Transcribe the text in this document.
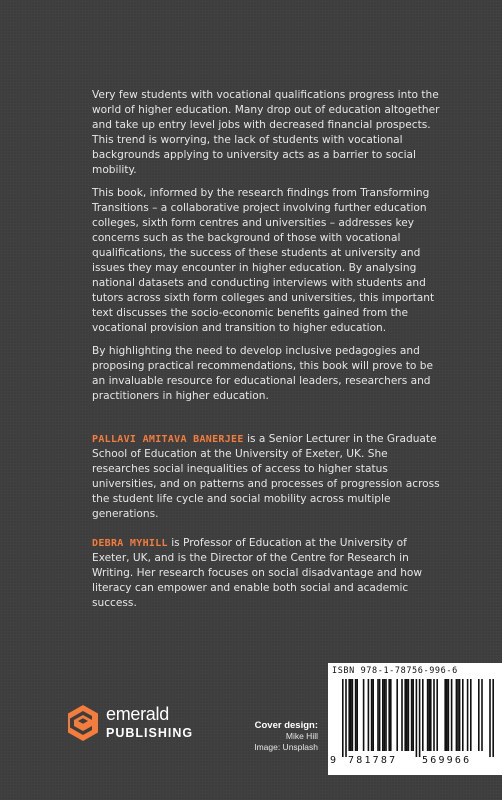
Very few students with vocational qualifications progress into the world of higher education. Many drop out of education altogether and take up entry level jobs with decreased financial prospects. This trend is worrying, the lack of students with vocational backgrounds applying to university acts as a barrier to social mobility.

This book, informed by the research findings from Transforming Transitions – a collaborative project involving further education colleges, sixth form centres and universities – addresses key concerns such as the background of those with vocational qualifications, the success of these students at university and issues they may encounter in higher education. By analysing national datasets and conducting interviews with students and tutors across sixth form colleges and universities, this important text discusses the socio-economic benefits gained from the vocational provision and transition to higher education.

By highlighting the need to develop inclusive pedagogies and proposing practical recommendations, this book will prove to be an invaluable resource for educational leaders, researchers and practitioners in higher education.

PALLAVI AMITAVA BANERJEE is a Senior Lecturer in the Graduate School of Education at the University of Exeter, UK. She researches social inequalities of access to higher status universities, and on patterns and processes of progression across the student life cycle and social mobility across multiple generations.

DEBRA MYHILL is Professor of Education at the University of Exeter, UK, and is the Director of the Centre for Research in Writing. Her research focuses on social disadvantage and how literacy can empower and enable both social and academic success.

emerald
PUBLISHING
Cover design:
Mike Hill
Image: Unsplash
ISBN 978-1-78756-996-6
9 781787 569966
